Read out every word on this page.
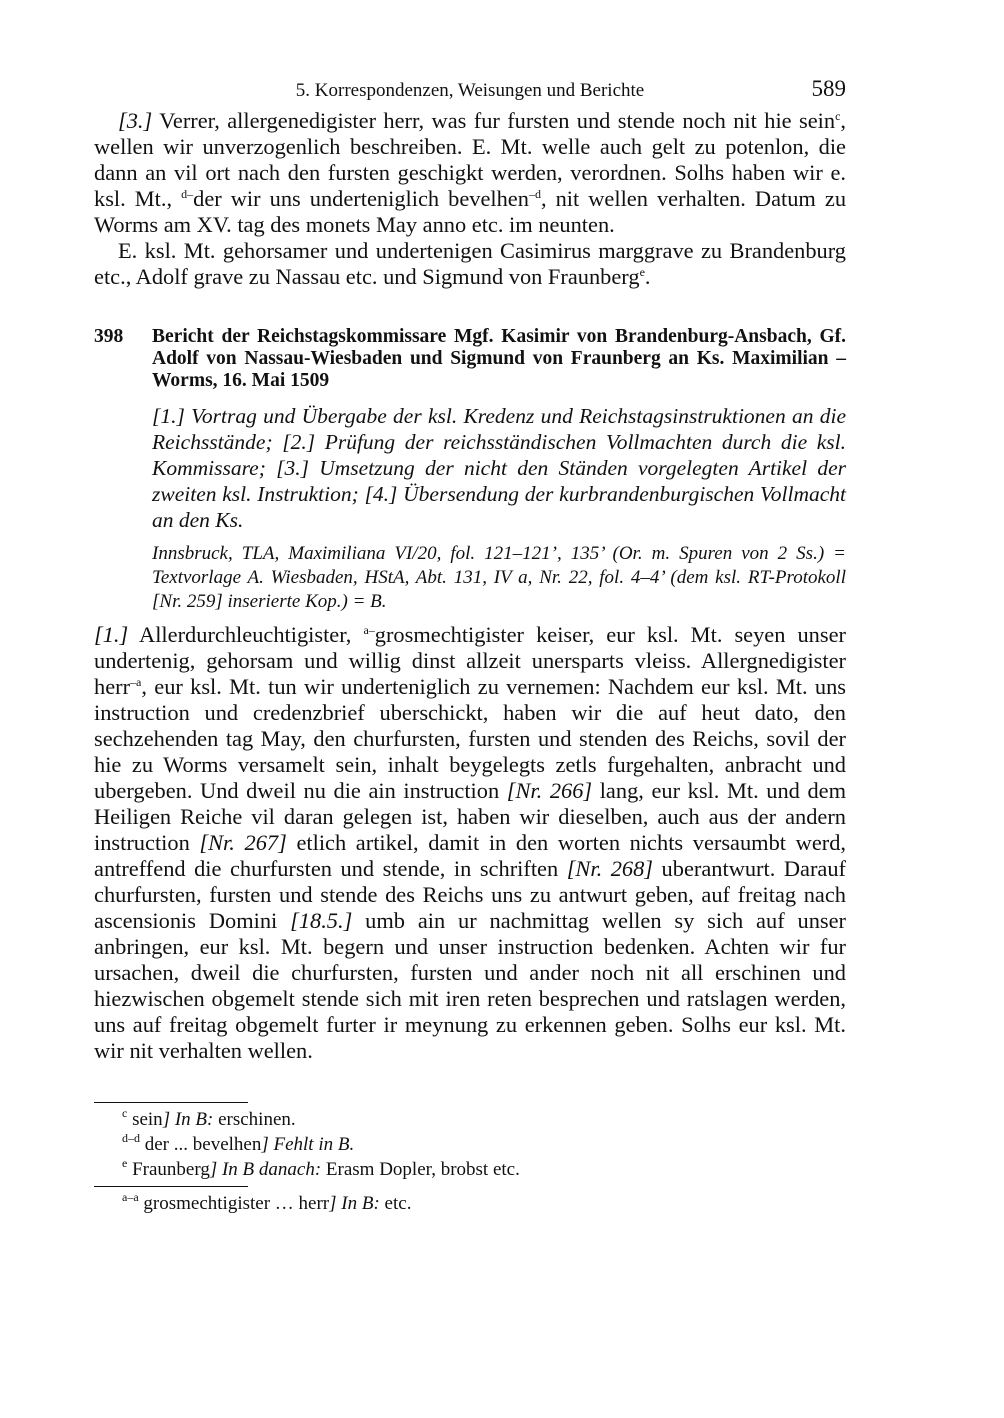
5. Korrespondenzen, Weisungen und Berichte	589

[3.] Verrer, allergenedigister herr, was fur fursten und stende noch nit hie sein$^c$, wellen wir unverzogenlich beschreiben. E. Mt. welle auch gelt zu potenlon, die dann an vil ort nach den fursten geschigkt werden, verordnen. Solhs haben wir e. ksl. Mt., $^{d-}$der wir uns underteniglich bevelhen$^{-d}$, nit wellen verhalten. Datum zu Worms am XV. tag des monets May anno etc. im neunten.

E. ksl. Mt. gehorsamer und undertenigen Casimirus marggrave zu Brandenburg etc., Adolf grave zu Nassau etc. und Sigmund von Fraunberg$^e$.

398	Bericht der Reichstagskommissare Mgf. Kasimir von Brandenburg-Ansbach, Gf. Adolf von Nassau-Wiesbaden und Sigmund von Fraunberg an Ks. Maximilian – Worms, 16. Mai 1509
[1.] Vortrag und Übergabe der ksl. Kredenz und Reichstagsinstruktionen an die Reichsstände; [2.] Prüfung der reichsständischen Vollmachten durch die ksl. Kommissare; [3.] Umsetzung der nicht den Ständen vorgelegten Artikel der zweiten ksl. Instruktion; [4.] Übersendung der kurbrandenburgischen Vollmacht an den Ks.
Innsbruck, TLA, Maximiliana VI/20, fol. 121–121’, 135’ (Or. m. Spuren von 2 Ss.) = Textvorlage A. Wiesbaden, HStA, Abt. 131, IV a, Nr. 22, fol. 4–4’ (dem ksl. RT-Protokoll [Nr. 259] inserierte Kop.) = B.

[1.] Allerdurchleuchtigister, $^{a-}$grosmechtigister keiser, eur ksl. Mt. seyen unser undertenig, gehorsam und willig dinst allzeit unersparts vleiss. Allergnedigister herr$^{-a}$, eur ksl. Mt. tun wir underteniglich zu vernemen: Nachdem eur ksl. Mt. uns instruction und credenzbrief uberschickt, haben wir die auf heut dato, den sechzehenden tag May, den churfursten, fursten und stenden des Reichs, sovil der hie zu Worms versamelt sein, inhalt beygelegts zetls furgehalten, anbracht und ubergeben. Und dweil nu die ain instruction [Nr. 266] lang, eur ksl. Mt. und dem Heiligen Reiche vil daran gelegen ist, haben wir dieselben, auch aus der andern instruction [Nr. 267] etlich artikel, damit in den worten nichts versaumbt werd, antreffend die churfursten und stende, in schriften [Nr. 268] uberantwurt. Darauf churfursten, fursten und stende des Reichs uns zu antwurt geben, auf freitag nach ascensionis Domini [18.5.] umb ain ur nachmittag wellen sy sich auf unser anbringen, eur ksl. Mt. begern und unser instruction bedenken. Achten wir fur ursachen, dweil die churfursten, fursten und ander noch nit all erschinen und hiezwischen obgemelt stende sich mit iren reten besprechen und ratslagen werden, uns auf freitag obgemelt furter ir meynung zu erkennen geben. Solhs eur ksl. Mt. wir nit verhalten wellen.

$^c$ sein] In B: erschinen.
$^{d-d}$ der ... bevelhen] Fehlt in B.
$^e$ Fraunberg] In B danach: Erasm Dopler, brobst etc.
$^{a-a}$ grosmechtigister … herr] In B: etc.
